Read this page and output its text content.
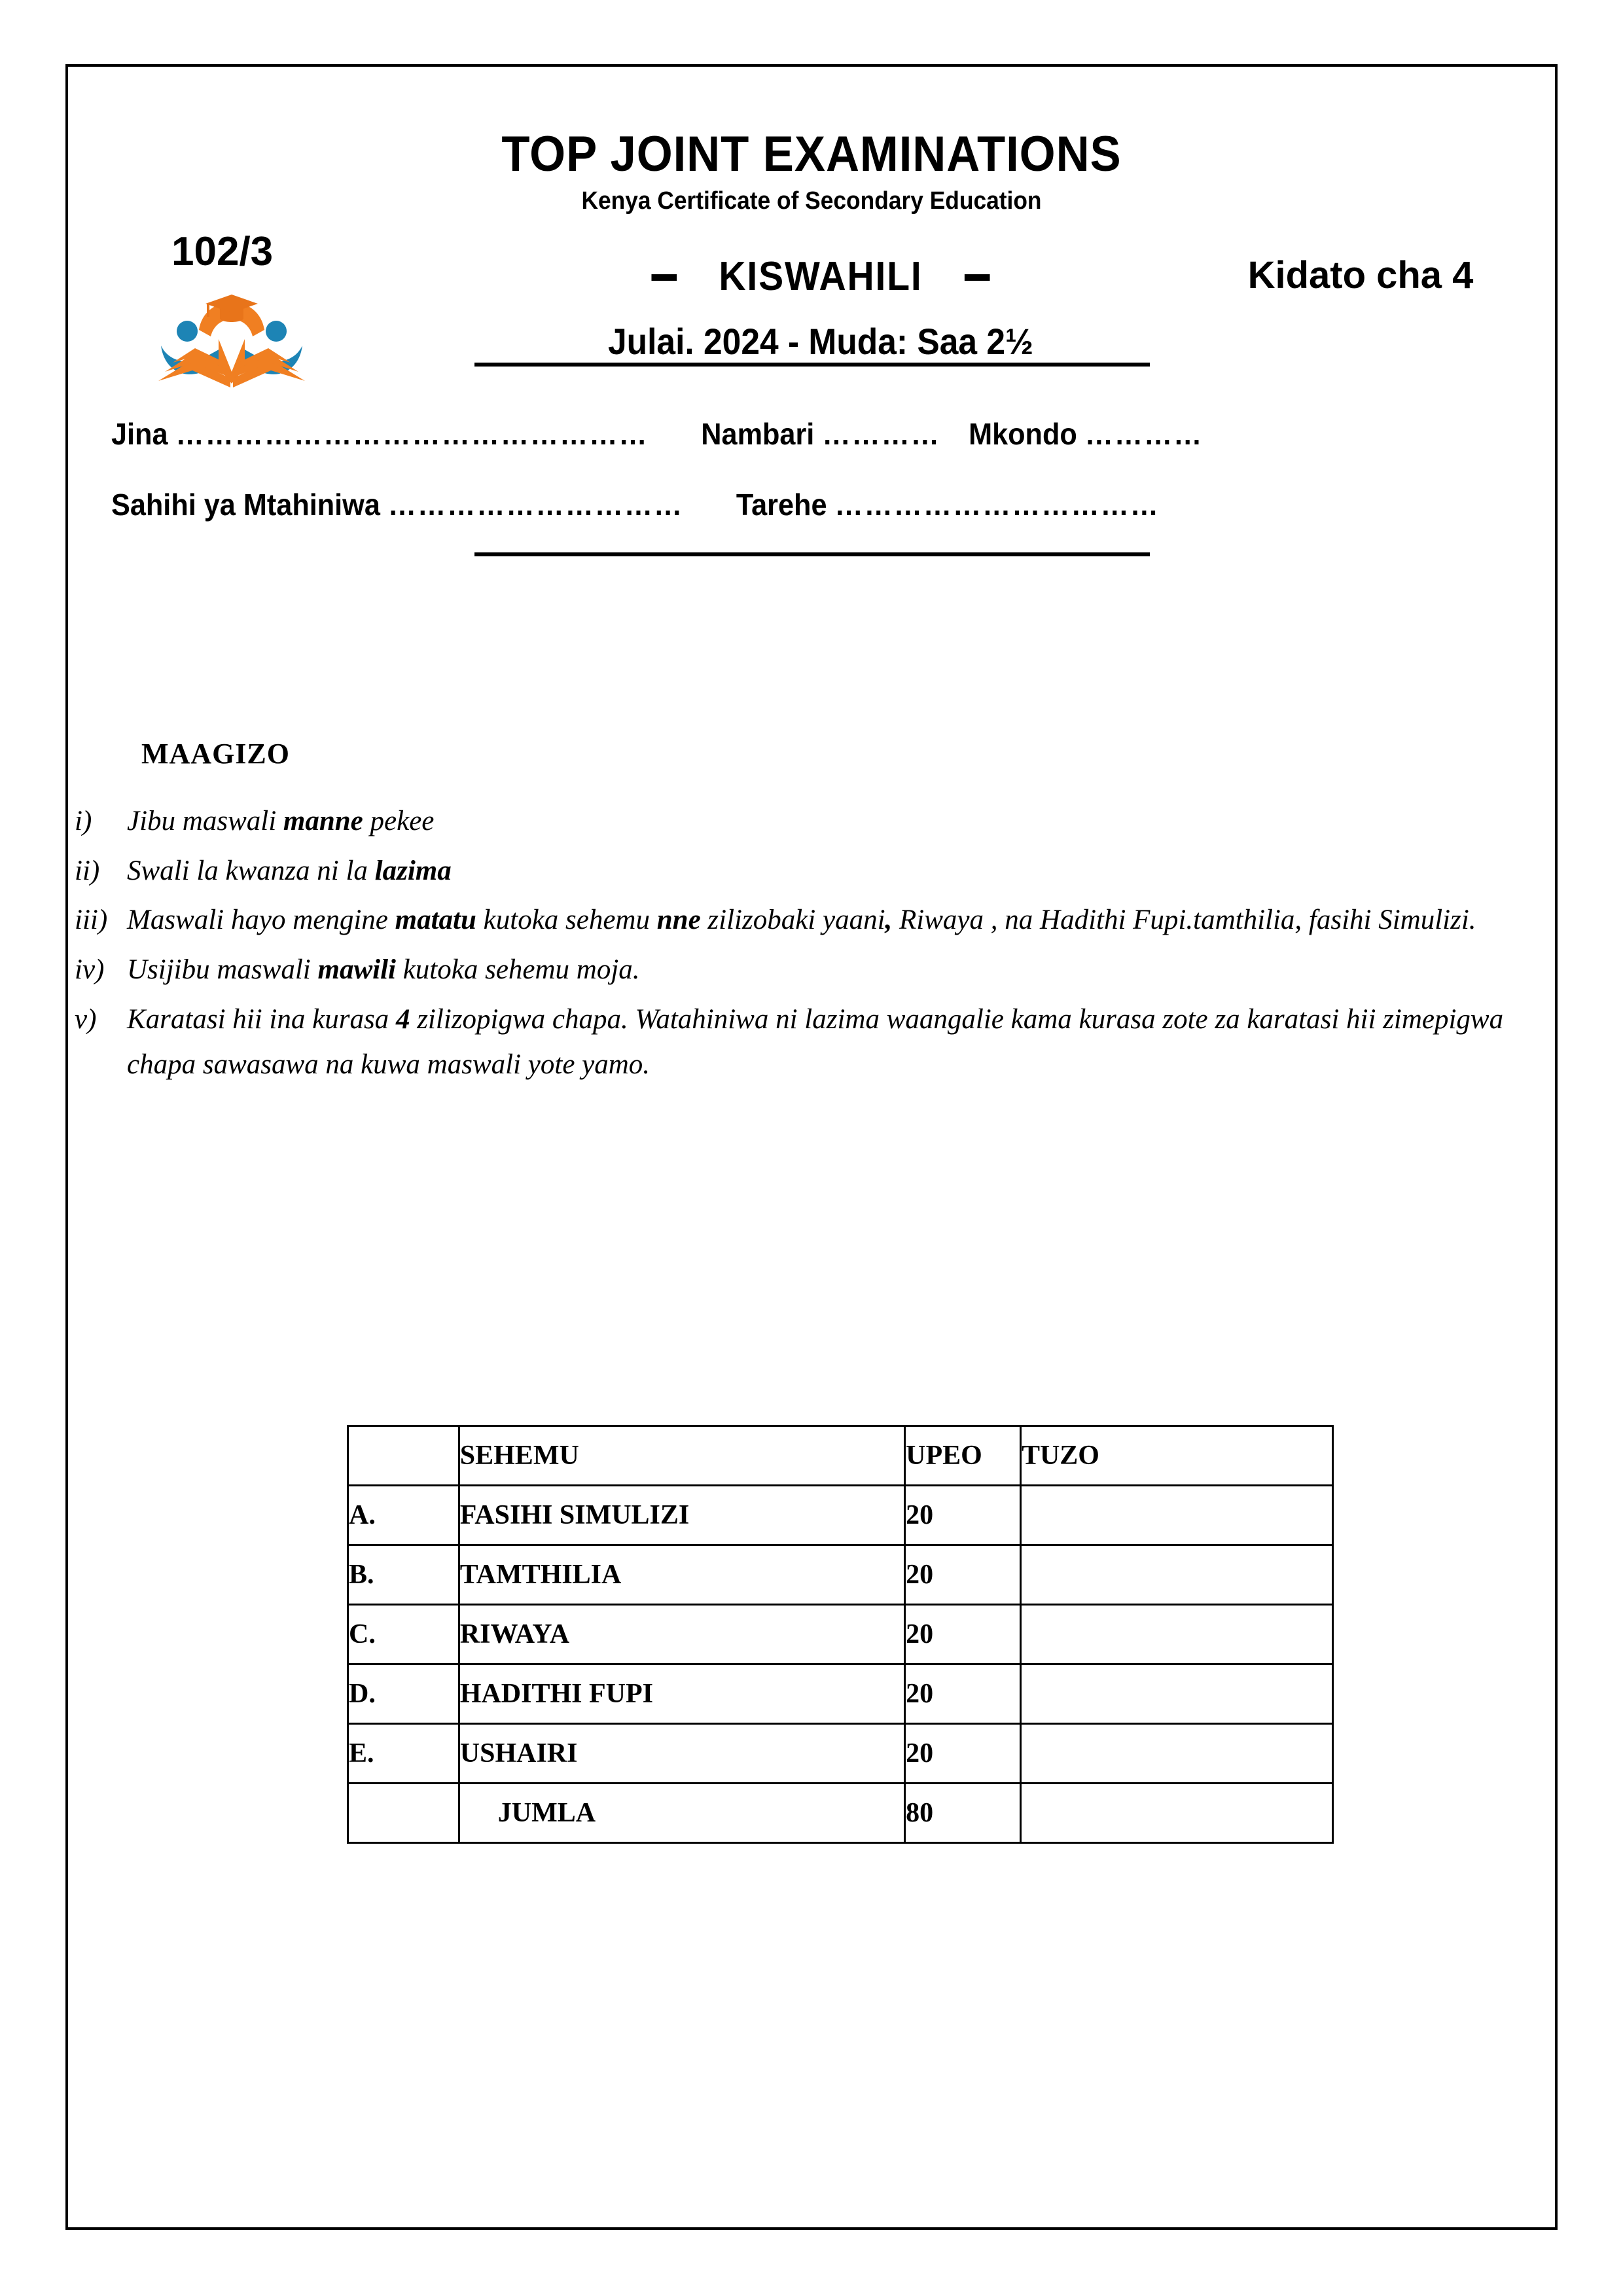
TOP JOINT EXAMINATIONS
Kenya Certificate of Secondary Education
102/3
KISWAHILI	Kidato cha 4
Julai. 2024 - Muda: Saa 2½
Jina ………………………………………… Nambari ………… Mkondo …………
Sahihi ya Mtahiniwa ………………………… Tarehe ……………………………
MAAGIZO
i) Jibu maswali manne pekee
ii) Swali la kwanza ni la lazima
iii) Maswali hayo mengine matatu kutoka sehemu nne zilizobaki yaani, Riwaya , na Hadithi Fupi.tamthilia, fasihi Simulizi.
iv) Usijibu maswali mawili kutoka sehemu moja.
v) Karatasi hii ina kurasa 4 zilizopigwa chapa. Watahiniwa ni lazima waangalie kama kurasa zote za karatasi hii zimepigwa chapa sawasawa na kuwa maswali yote yamo.
	SEHEMU	UPEO	TUZO
A.	FASIHI SIMULIZI	20	
B.	TAMTHILIA	20	
C.	RIWAYA	20	
D.	HADITHI FUPI	20	
E.	USHAIRI	20	
	JUMLA	80	
